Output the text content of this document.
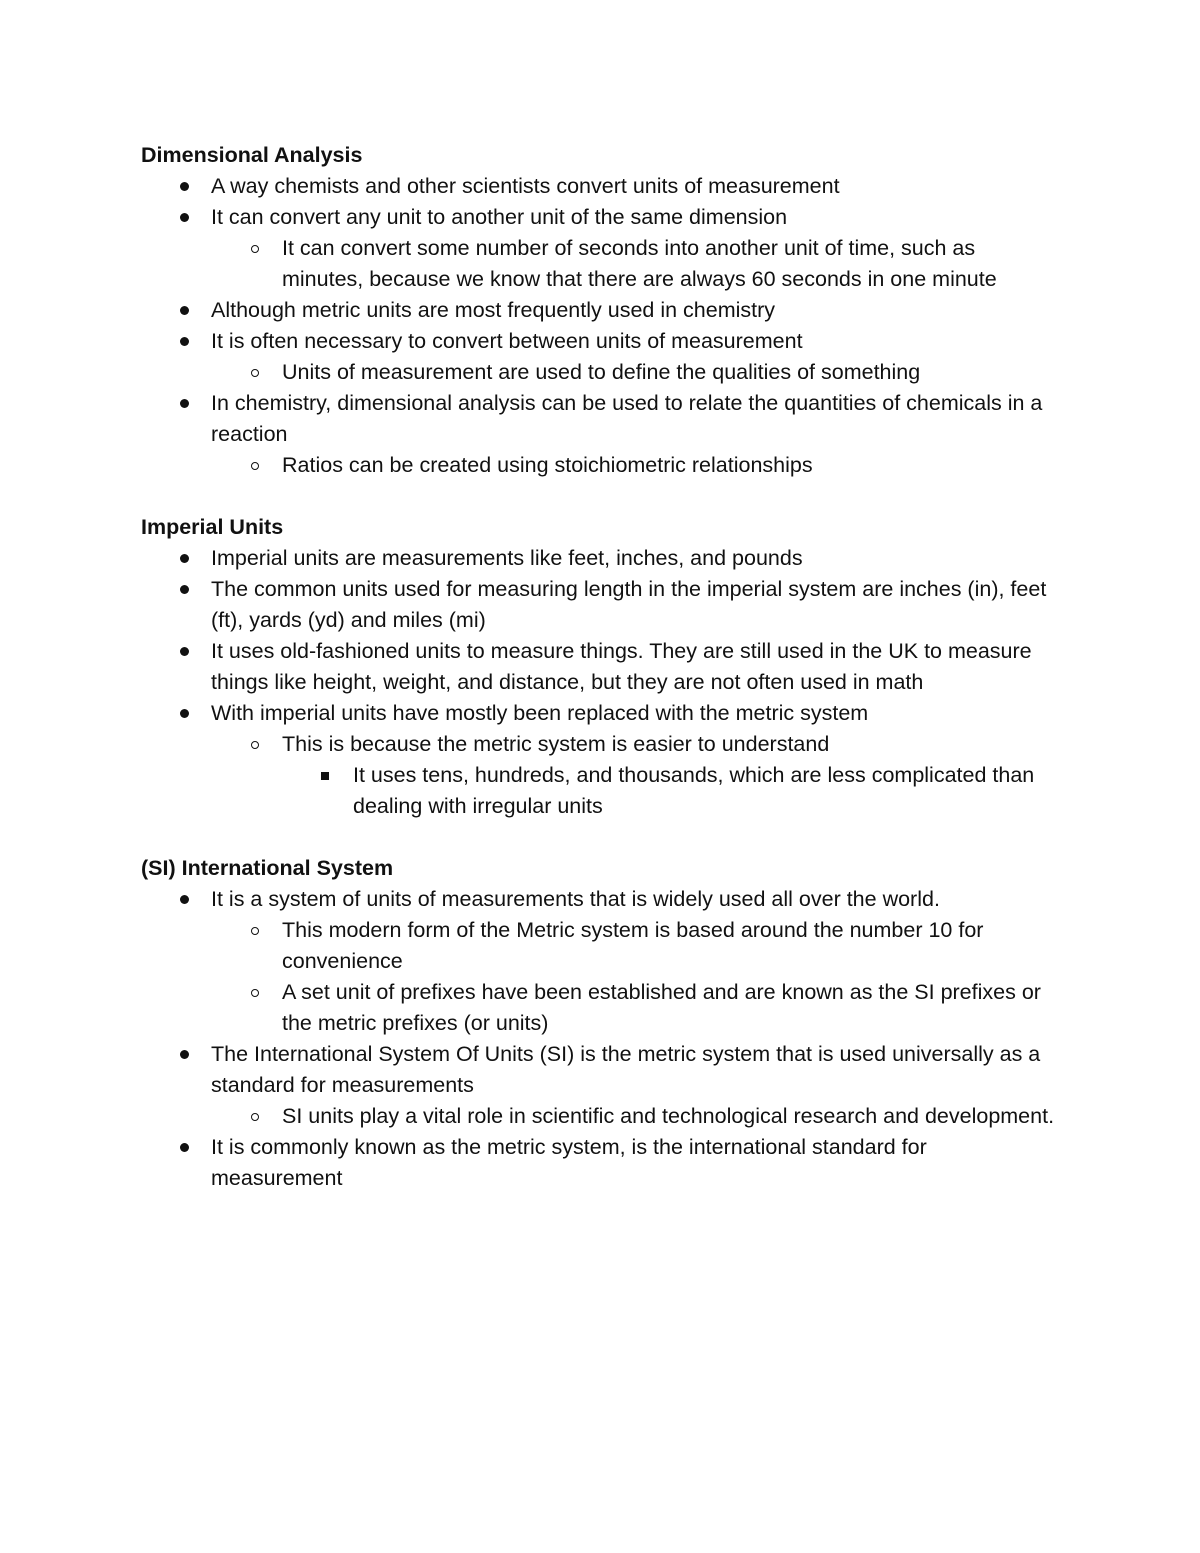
Dimensional Analysis

A way chemists and other scientists convert units of measurement
It can convert any unit to another unit of the same dimension
It can convert some number of seconds into another unit of time, such as minutes, because we know that there are always 60 seconds in one minute
Although metric units are most frequently used in chemistry
It is often necessary to convert between units of measurement
Units of measurement are used to define the qualities of something
In chemistry, dimensional analysis can be used to relate the quantities of chemicals in a reaction
Ratios can be created using stoichiometric relationships

Imperial Units

Imperial units are measurements like feet, inches, and pounds
The common units used for measuring length in the imperial system are inches (in), feet (ft), yards (yd) and miles (mi)
It uses old-fashioned units to measure things. They are still used in the UK to measure things like height, weight, and distance, but they are not often used in math
With imperial units have mostly been replaced with the metric system
This is because the metric system is easier to understand
It uses tens, hundreds, and thousands, which are less complicated than dealing with irregular units

(SI) International System

It is a system of units of measurements that is widely used all over the world.
This modern form of the Metric system is based around the number 10 for convenience
A set unit of prefixes have been established and are known as the SI prefixes or the metric prefixes (or units)
The International System Of Units (SI) is the metric system that is used universally as a standard for measurements
SI units play a vital role in scientific and technological research and development.
It is commonly known as the metric system, is the international standard for measurement
